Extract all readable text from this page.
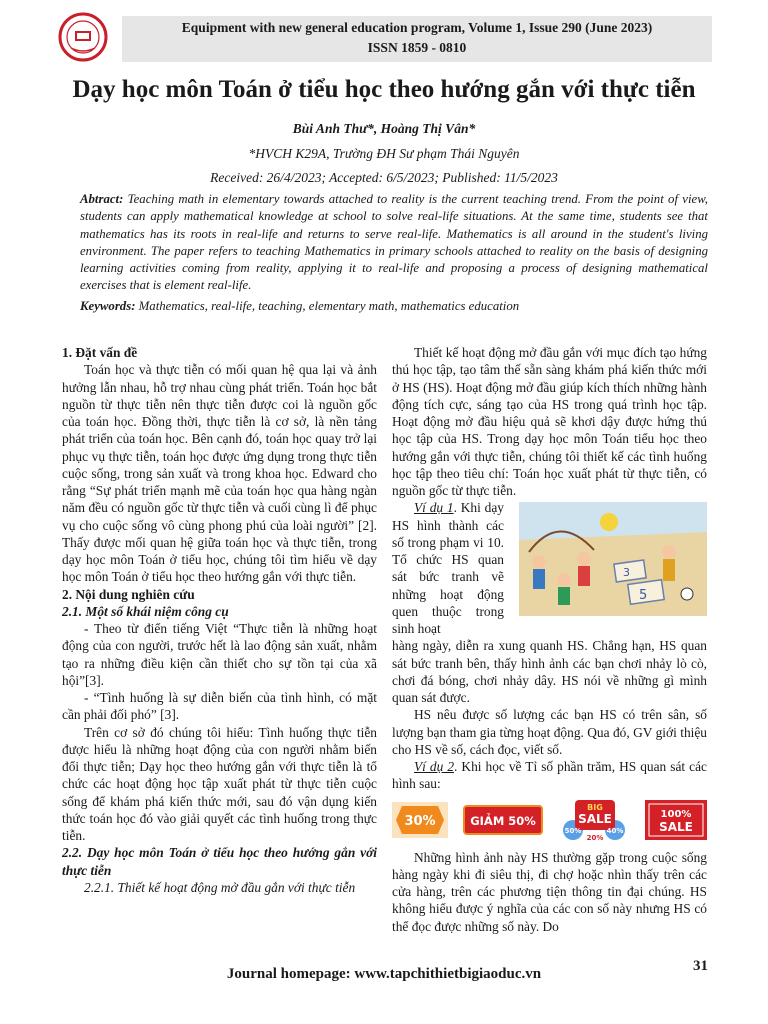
Equipment with new general education program, Volume 1, Issue 290 (June 2023)
ISSN 1859 - 0810
Dạy học môn Toán ở tiểu học theo hướng gắn với thực tiễn
Bùi Anh Thư*, Hoàng Thị Vân*
*HVCH K29A, Trường ĐH Sư phạm Thái Nguyên
Received: 26/4/2023; Accepted: 6/5/2023; Published: 11/5/2023
Abtract: Teaching math in elementary towards attached to reality is the current teaching trend. From the point of view, students can apply mathematical knowledge at school to solve real-life situations. At the same time, students see that mathematics has its roots in real-life and returns to serve real-life. Mathematics is all around in the student's living environment. The paper refers to teaching Mathematics in primary schools attached to reality on the basis of designing learning activities coming from reality, applying it to real-life and proposing a process of designing mathematical exercises that is element real-life.
Keywords: Mathematics, real-life, teaching, elementary math, mathematics education

1. Đặt vấn đề

Toán học và thực tiễn có mối quan hệ qua lại và ảnh hưởng lẫn nhau, hỗ trợ nhau cùng phát triển. Toán học bắt nguồn từ thực tiễn nên thực tiễn được coi là nguồn gốc của toán học. Đồng thời, thực tiễn là cơ sở, là nền tảng phát triển của toán học. Bên cạnh đó, toán học quay trở lại phục vụ thực tiễn, toán học được ứng dụng trong thực tiễn cuộc sống, trong sản xuất và trong khoa học. Edward cho rằng “Sự phát triển mạnh mẽ của toán học qua hàng ngàn năm đều có nguồn gốc từ thực tiễn và cuối cùng lì để phục vụ cho cuộc sống vô cùng phong phú của loài người” [2]. Thấy được mối quan hệ giữa toán học và thực tiễn, trong dạy học môn Toán ở tiểu học, chúng tôi tìm hiểu về dạy học môn Toán ở tiểu học theo hướng gắn với thực tiễn.

2. Nội dung nghiên cứu

2.1. Một số khái niệm công cụ

- Theo từ điển tiếng Việt “Thực tiễn là những hoạt động của con người, trước hết là lao động sản xuất, nhằm tạo ra những điều kiện cần thiết cho sự tồn tại của xã hội”[3].

- “Tình huống là sự diễn biến của tình hình, có mặt cần phải đối phó” [3].

Trên cơ sở đó chúng tôi hiểu: Tình huống thực tiễn được hiểu là những hoạt động của con người nhằm biến đổi thực tiễn; Dạy học theo hướng gắn với thực tiễn là tổ chức các hoạt động học tập xuất phát từ thực tiễn cuộc sống để khám phá kiến thức mới, sau đó vận dụng kiến thức toán học đó vào giải quyết các tình huống trong thực tiễn.

2.2. Dạy học môn Toán ở tiểu học theo hướng gắn với thực tiễn

2.2.1. Thiết kế hoạt động mở đầu gắn với thực tiễn

Thiết kế hoạt động mở đầu gắn với mục đích tạo hứng thú học tập, tạo tâm thế sẵn sàng khám phá kiến thức mới ở HS (HS). Hoạt động mở đầu giúp kích thích những hành động tích cực, sáng tạo của HS trong quá trình học tập. Hoạt động mở đầu hiệu quả sẽ khơi dậy được hứng thú học tập của HS. Trong dạy học môn Toán tiểu học theo hướng gắn với thực tiễn, chúng tôi thiết kế các tình huống học tập theo tiêu chí: Toán học xuất phát từ thực tiễn, có nguồn gốc từ thực tiễn.

Ví dụ 1. Khi dạy HS hình thành các số trong phạm vi 10. Tổ chức HS quan sát bức tranh vẽ những hoạt động quen thuộc trong sinh hoạt

5
3

hàng ngày, diễn ra xung quanh HS. Chẳng hạn, HS quan sát bức tranh bên, thấy hình ảnh các bạn chơi nhảy lò cò, chơi đá bóng, chơi nhảy dây. HS nói về những gì mình quan sát được.

HS nêu được số lượng các bạn HS có trên sân, số lượng bạn tham gia từng hoạt động. Qua đó, GV giới thiệu cho HS về số, cách đọc, viết số.

Ví dụ 2. Khi học về Tỉ số phần trăm, HS quan sát các hình sau:

30%	GIẢM 50%
BIG
SALE
50%
20%
40%
100%
SALE

Những hình ảnh này HS thường gặp trong cuộc sống hàng ngày khi đi siêu thị, đi chợ hoặc nhìn thấy trên các cửa hàng, trên các phương tiện thông tin đại chúng. HS không hiểu được ý nghĩa của các con số này nhưng HS có thể đọc được những số này. Do

31
Journal homepage: www.tapchithietbigiaoduc.vn
